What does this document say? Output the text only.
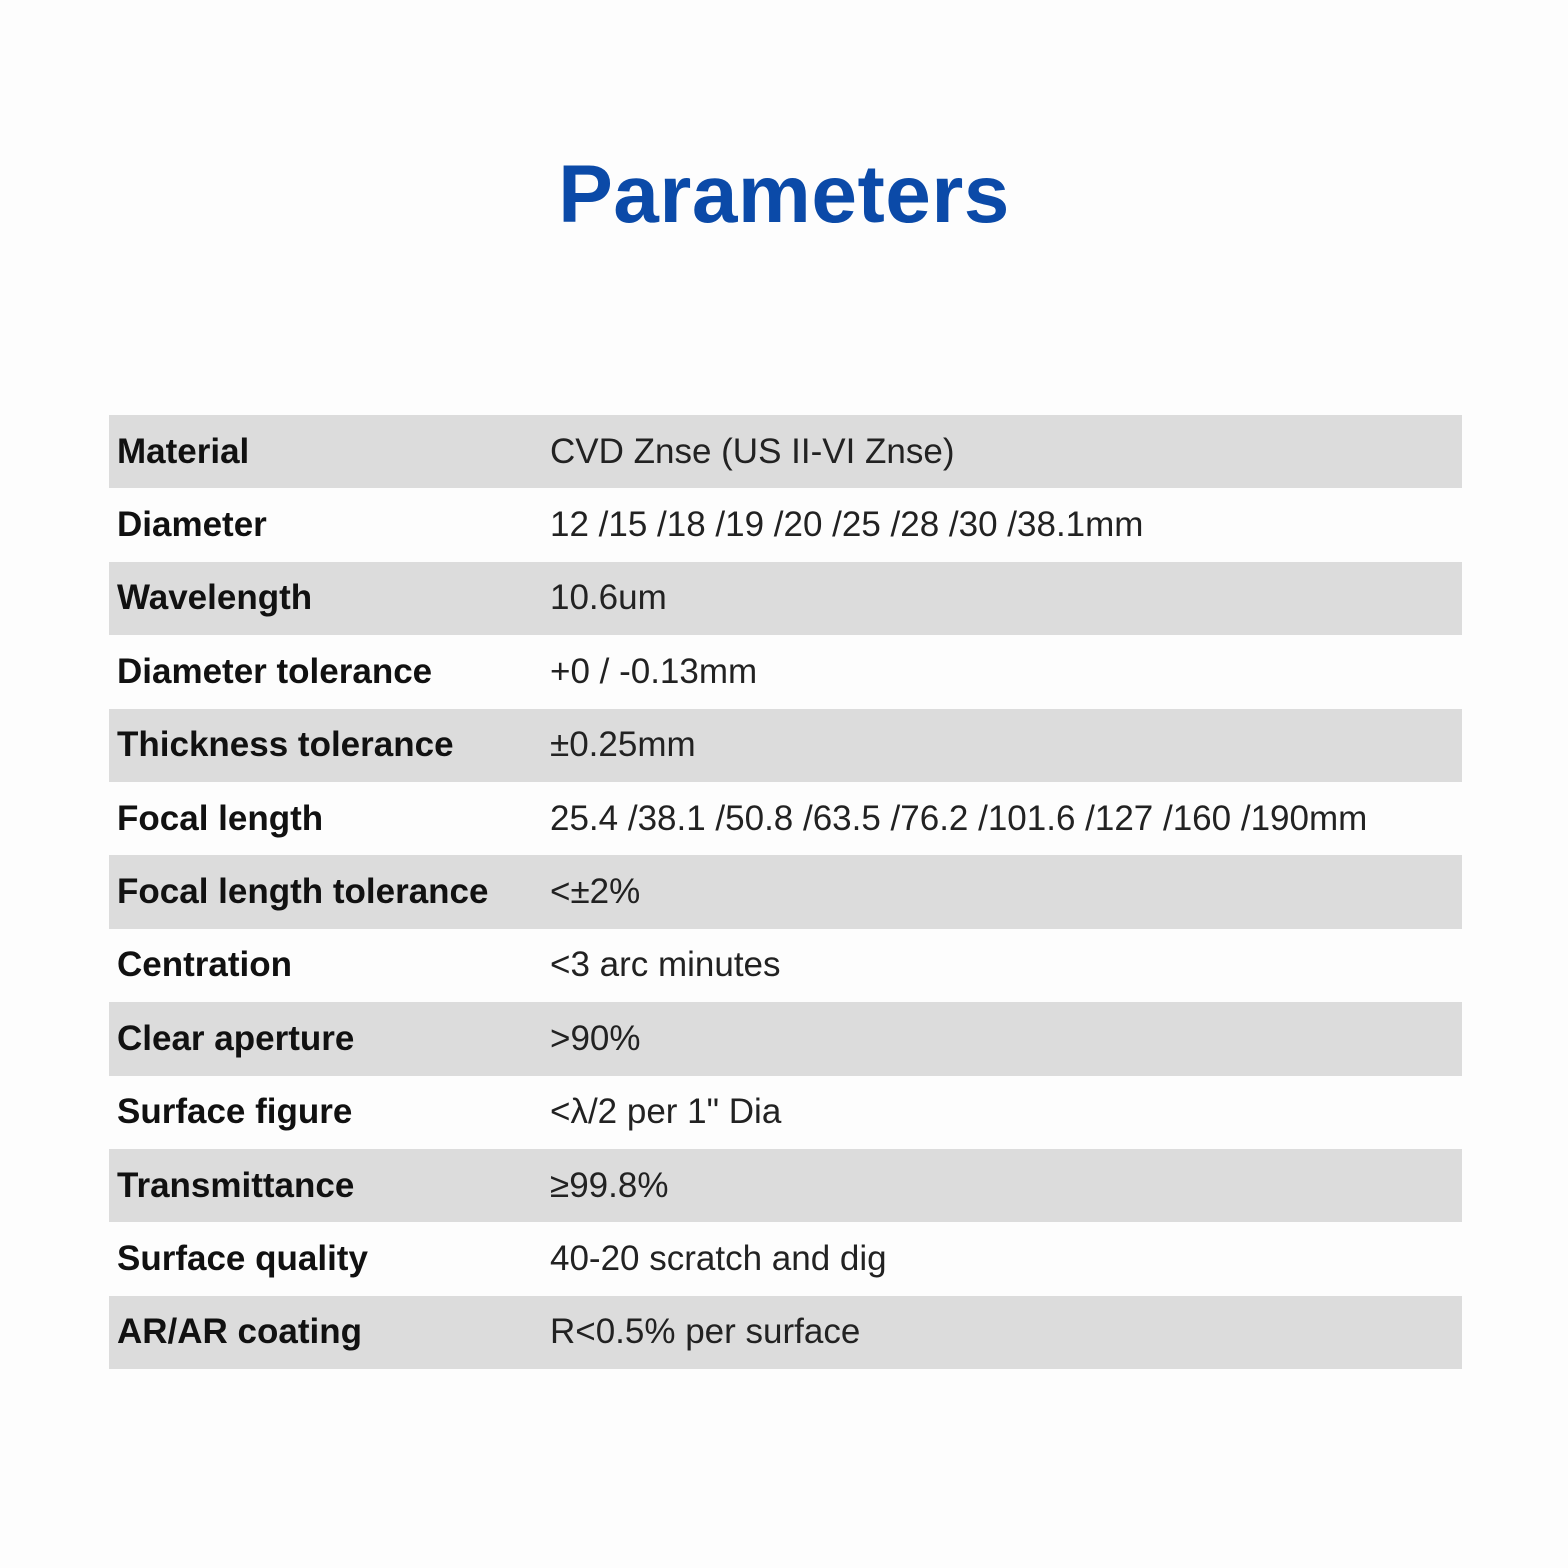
Parameters
Material	CVD Znse (US II-VI Znse)
Diameter	12 /15 /18 /19 /20 /25 /28 /30 /38.1mm
Wavelength	10.6um
Diameter tolerance	+0 / -0.13mm
Thickness tolerance	±0.25mm
Focal length	25.4 /38.1 /50.8 /63.5 /76.2 /101.6 /127 /160 /190mm
Focal length tolerance	<±2%
Centration	<3 arc minutes
Clear aperture	>90%
Surface figure	<λ/2 per 1" Dia
Transmittance	≥99.8%
Surface quality	40-20 scratch and dig
AR/AR coating	R<0.5% per surface
